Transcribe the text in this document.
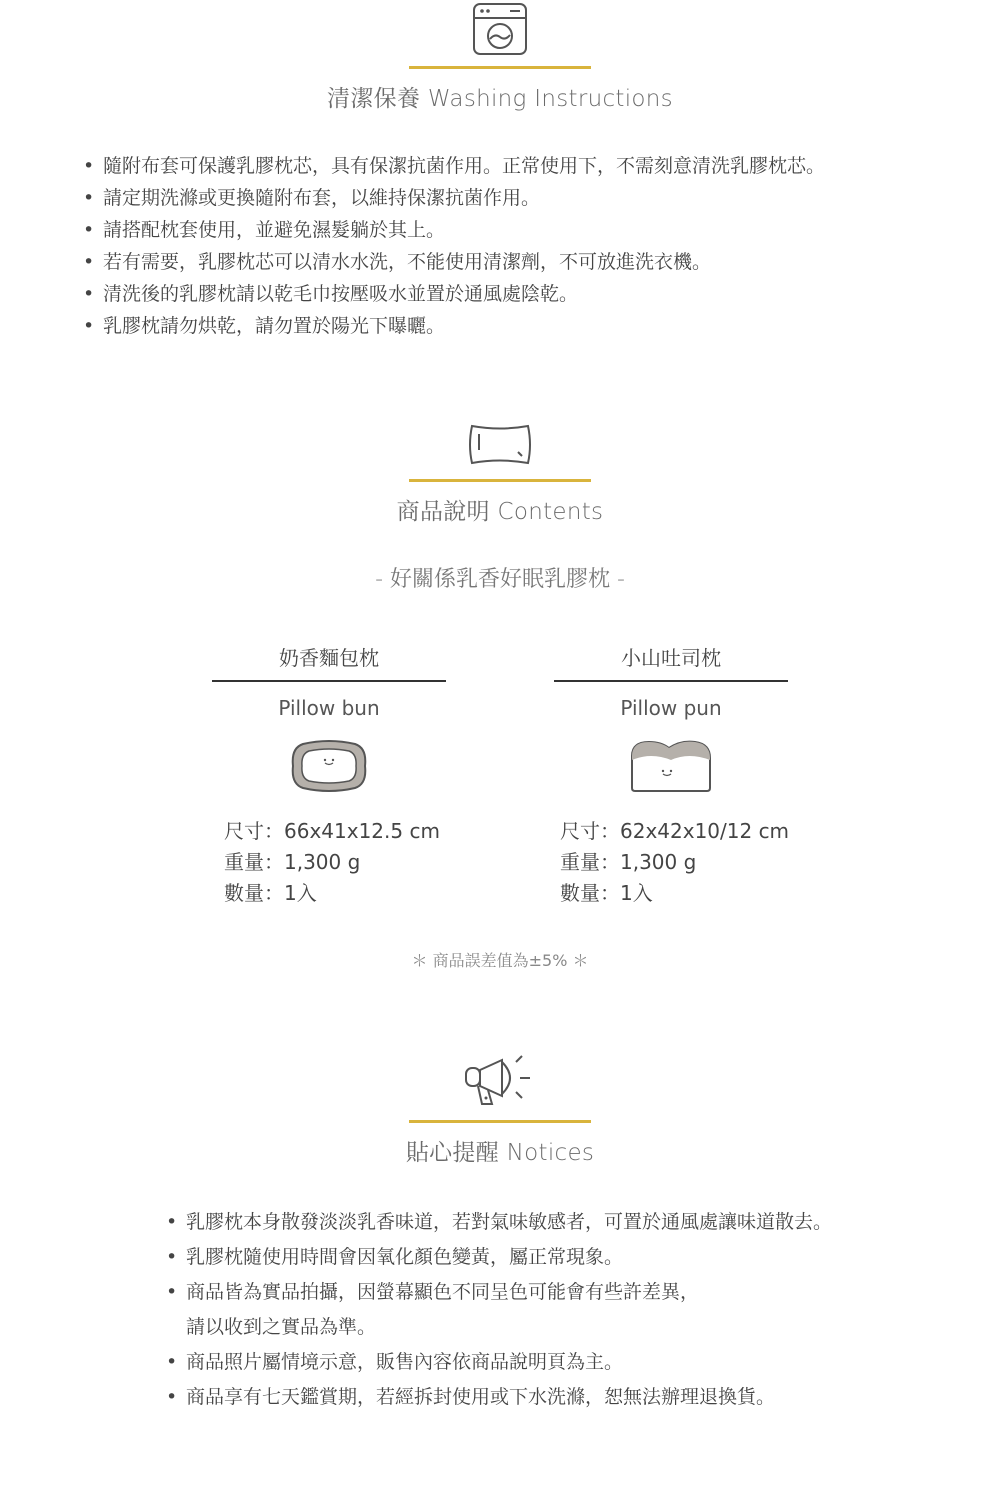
清潔保養 Washing Instructions
• 隨附布套可保護乳膠枕芯，具有保潔抗菌作用。正常使用下，不需刻意清洗乳膠枕芯。
• 請定期洗滌或更換隨附布套，以維持保潔抗菌作用。
• 請搭配枕套使用，並避免濕髮躺於其上。
• 若有需要，乳膠枕芯可以清水水洗，不能使用清潔劑，不可放進洗衣機。
• 清洗後的乳膠枕請以乾毛巾按壓吸水並置於通風處陰乾。
• 乳膠枕請勿烘乾，請勿置於陽光下曝曬。
商品說明 Contents
- 好關係乳香好眠乳膠枕 -
奶香麵包枕
Pillow bun
尺寸：66x41x12.5 cm
重量：1,300 g
數量：1入
小山吐司枕
Pillow pun
尺寸：62x42x10/12 cm
重量：1,300 g
數量：1入
＊ 商品誤差值為±5% ＊
貼心提醒 Notices
• 乳膠枕本身散發淡淡乳香味道，若對氣味敏感者，可置於通風處讓味道散去。
• 乳膠枕隨使用時間會因氧化顏色變黃，屬正常現象。
• 商品皆為實品拍攝，因螢幕顯色不同呈色可能會有些許差異，
請以收到之實品為準。
• 商品照片屬情境示意，販售內容依商品說明頁為主。
• 商品享有七天鑑賞期，若經拆封使用或下水洗滌，恕無法辦理退換貨。
